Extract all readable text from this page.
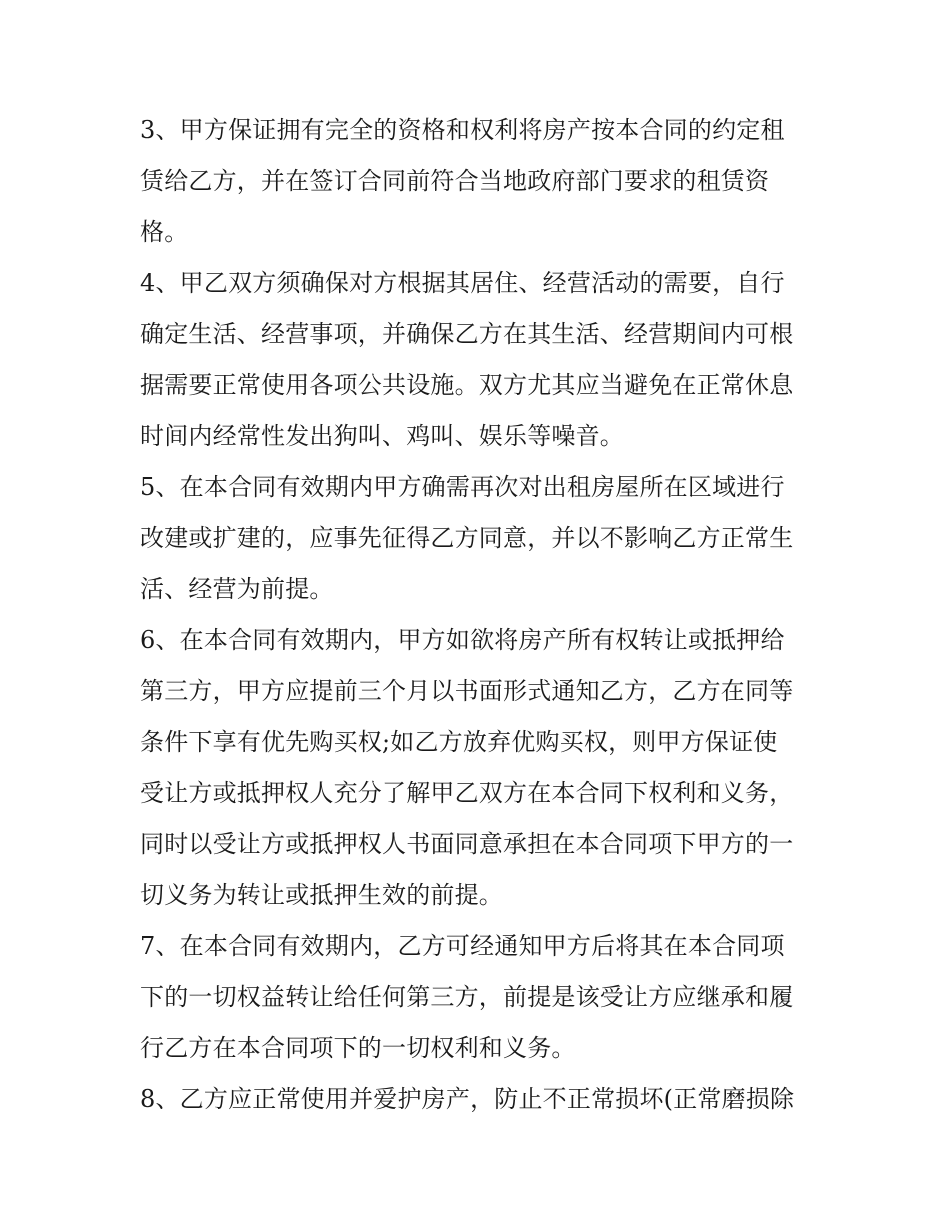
3、甲方保证拥有完全的资格和权利将房产按本合同的约定租
赁给乙方，并在签订合同前符合当地政府部门要求的租赁资
格。

4、甲乙双方须确保对方根据其居住、经营活动的需要，自行
确定生活、经营事项，并确保乙方在其生活、经营期间内可根
据需要正常使用各项公共设施。双方尤其应当避免在正常休息
时间内经常性发出狗叫、鸡叫、娱乐等噪音。

5、在本合同有效期内甲方确需再次对出租房屋所在区域进行
改建或扩建的，应事先征得乙方同意，并以不影响乙方正常生
活、经营为前提。

6、在本合同有效期内，甲方如欲将房产所有权转让或抵押给
第三方，甲方应提前三个月以书面形式通知乙方，乙方在同等
条件下享有优先购买权;如乙方放弃优购买权，则甲方保证使
受让方或抵押权人充分了解甲乙双方在本合同下权利和义务，
同时以受让方或抵押权人书面同意承担在本合同项下甲方的一
切义务为转让或抵押生效的前提。

7、在本合同有效期内，乙方可经通知甲方后将其在本合同项
下的一切权益转让给任何第三方，前提是该受让方应继承和履
行乙方在本合同项下的一切权利和义务。

8、乙方应正常使用并爱护房产，防止不正常损坏(正常磨损除
